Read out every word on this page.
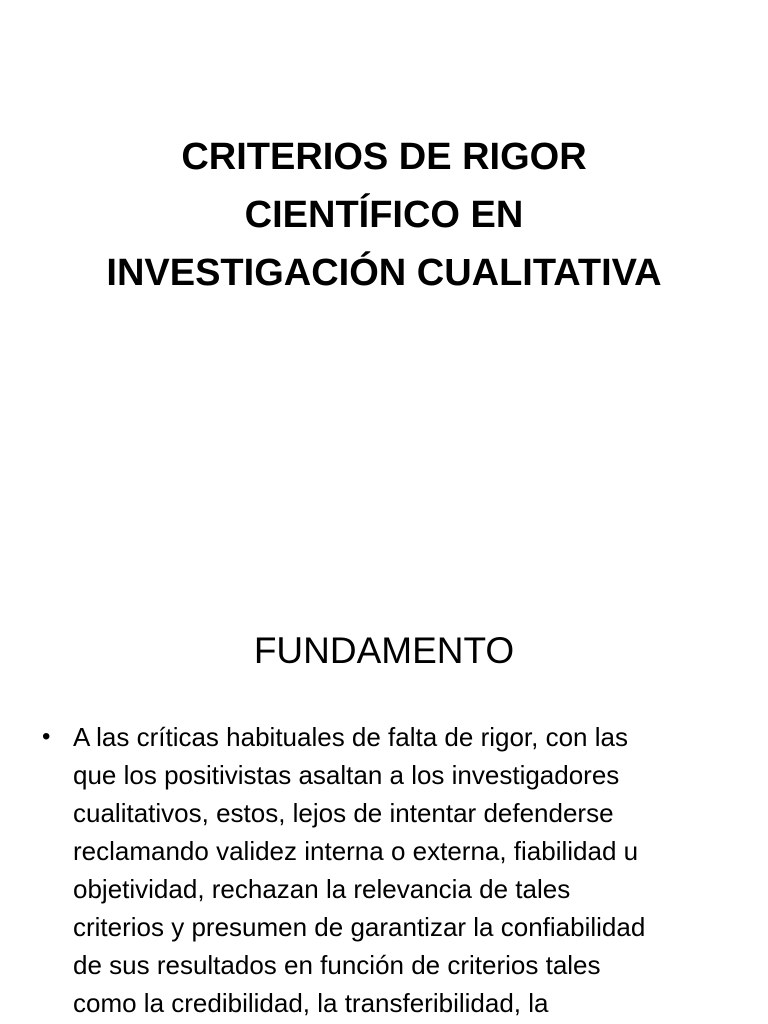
CRITERIOS DE RIGOR
CIENTÍFICO EN
INVESTIGACIÓN CUALITATIVA
FUNDAMENTO
• A las críticas habituales de falta de rigor, con las
que los positivistas asaltan a los investigadores
cualitativos, estos, lejos de intentar defenderse
reclamando validez interna o externa, fiabilidad u
objetividad, rechazan la relevancia de tales
criterios y presumen de garantizar la confiabilidad
de sus resultados en función de criterios tales
como la credibilidad, la transferibilidad, la
